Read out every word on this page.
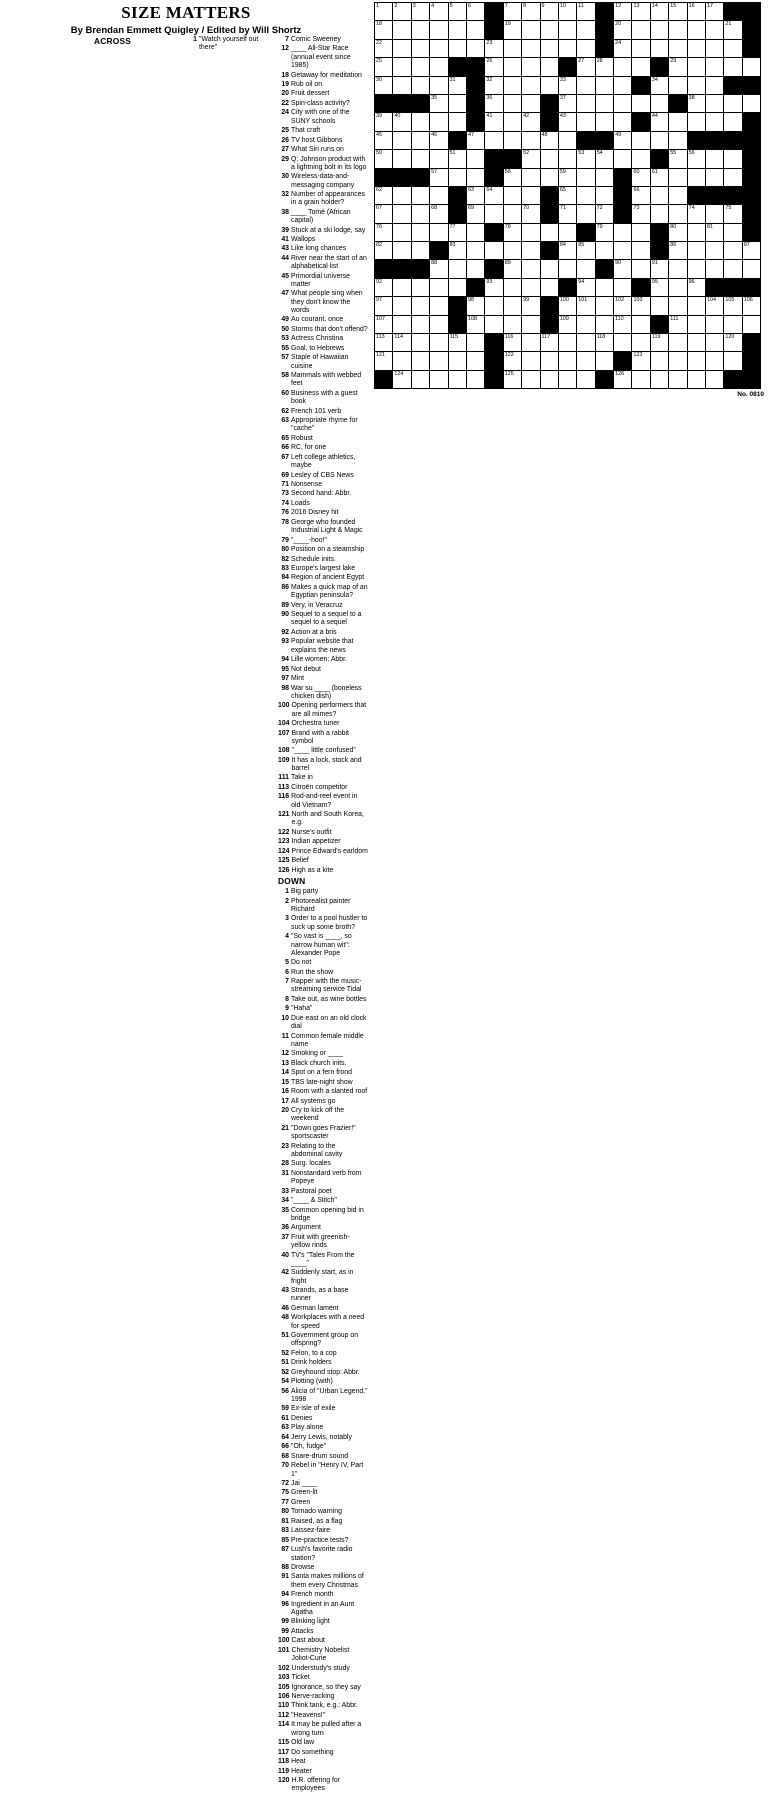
SIZE MATTERS
By Brendan Emmett Quigley / Edited by Will Shortz
ACROSS	1 "Watch yourself out there"
7 Comic Sweeney
12 ____ All-Star Race (annual event since 1985)
18 Getaway for meditation
19 Rub oil on
20 Fruit dessert
22 Spin-class activity?
24 City with one of the SUNY schools
25 That craft
26 TV host Gibbons
27 What Siri runs on
29 Q: Johnson product with a lightning bolt in its logo
30 Wireless-data-and-messaging company
32 Number of appearances in a grain holder?
38 ____ Tomé (African capital)
39 Stuck at a ski lodge, say
41 Wallops
43 Like long chances
44 River near the start of an alphabetical list
45 Primordial universe matter
47 What people sing when they don't know the words
49 Au courant, once
50 Storms that don't offend?
53 Actress Christina
55 Goal, to Hebrews
57 Staple of Hawaiian cuisine
58 Mammals with webbed feet
60 Business with a guest book
62 French 101 verb
63 Appropriate rhyme for "cache"
65 Robust
66 RC, for one
67 Left college athletics, maybe
69 Lesley of CBS News
71 Nonsense
73 Second hand: Abbr.
74 Loads
76 2016 Disney hit
78 George who founded Industrial Light & Magic
79 "____-hoo!"
80 Position on a steamship
82 Schedule inits.
83 Europe's largest lake
84 Region of ancient Egypt
86 Makes a quick map of an Egyptian peninsula?
89 Very, in Veracruz
90 Sequel to a sequel to a sequel to a sequel
92 Action at a bris
93 Popular website that explains the news
94 Lille women: Abbr.
95 Not debut
97 Mint
98 War su ____ (boneless chicken dish)
100 Opening performers that are all mimes?
104 Orchestra tuner
107 Brand with a rabbit symbol
108 "____ little confused"
109 It has a lock, stock and barrel
111 Take in
113 Citroën competitor
116 Rod-and-reel event in old Vietnam?
121 North and South Korea, e.g.
122 Nurse's outfit
123 Indian appetizer
124 Prince Edward's earldom
125 Belief
126 High as a kite
DOWN
1 Big party
2 Photorealist painter Richard
3 Order to a pool hustler to suck up some broth?
4 "So vast is ____, so narrow human wit": Alexander Pope
5 Do not
6 Run the show
7 Rapper with the music-streaming service Tidal
8 Take out, as wine bottles
9 "Haha"
10 Due east on an old clock dial
11 Common female middle name
12 Smoking or ____
13 Black church inits.
14 Spot on a fern frond
15 TBS late-night show
16 Room with a slanted roof
17 All systems go
20 Cry to kick off the weekend
21 "Down goes Frazier!" sportscaster
23 Relating to the abdominal cavity
28 Surg. locales
31 Nonstandard verb from Popeye
33 Pastoral poet
34 "____ & Stitch"
35 Common opening bid in bridge
36 Argument
37 Fruit with greenish-yellow rinds
40 TV's "Tales From the ____"
42 Suddenly start, as in fright
43 Strands, as a base runner
46 German lament
48 Workplaces with a need for speed
51 Government group on offspring?
52 Felon, to a cop
51 Drink holders
52 Greyhound stop: Abbr.
54 Plotting (with)
56 Alicia of "Urban Legend," 1998
59 Ex-isle of exile
61 Denies
63 Play alone
64 Jerry Lewis, notably
66 "Oh, fudge"
68 Snare-drum sound
70 Rebel in "Henry IV, Part 1"
72 Jai ____
75 Green-lit
77 Green
80 Tornado warning
81 Raised, as a flag
83 Laissez-faire
85 Pre-practice tests?
87 Lush's favorite radio station?
88 Drowse
91 Santa makes millions of them every Christmas
94 French month
96 Ingredient in an Aunt Agatha
99 Blinking light
99 Attacks
100 Cast about
101 Chemistry Nobelist Joliot-Curie
102 Understudy's study
103 Ticket
105 Ignorance, so they say
106 Nerve-racking
110 Think tank, e.g.: Abbr.
112 "Heavens!"
114 It may be pulled after a wrong turn
115 Old law
117 Do something
118 Heat
119 Heater
120 H.R. offering for employees
1	2	3	4	5	6		7	8	9	10	11		12	13	14	15	16	17		

18							19						20						21	

22						23							24							

25						26					27	28				29				

30				31		32				33					34					

			35			36				37							38			

39	40					41		42		43					44					

45			46		47				48				49							

50				51				52			53	54				55	56			

			57				58			59				60	61					

62					63	64				65				66						

67			68		69			70		71		72		73			74		75	

76				77			78					79				80		81		

82				83						84	85					86				87

			88				89						90		91					

92						93					94				95		96			

97					98			99		100	101		102	103				104	105	106

107					108					109			110			111				

113	114			115			116		117			118			119				120	

121							122							123						

	124						125						126							

No. 0810
